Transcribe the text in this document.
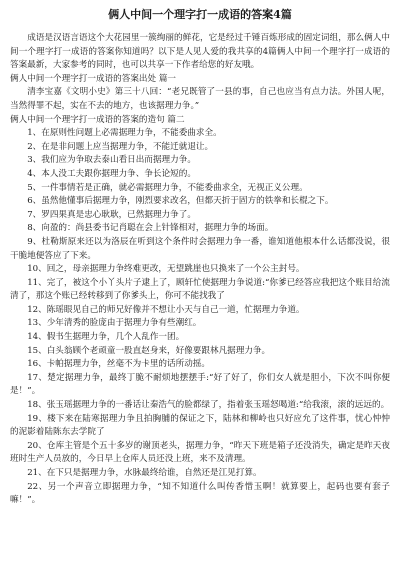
俩人中间一个理字打一成语的答案4篇

成语是汉语言语这个大花园里一簇绚丽的鲜花，它是经过千锤百炼形成的固定词组，那么俩人中间一个理字打一成语的答案你知道吗？以下是人见人爱的我共享的4篇俩人中间一个理字打一成语的答案最新，大家参考的同时，也可以共享一下作者给您的好友哦。

俩人中间一个理字打一成语的答案出处 篇一

清李宝嘉《文明小史》第三十八回：“老兄既管了一县的事，自己也应当有点力法。外国人呢，当然得罪不起，实在不去的地方，也该据理力争。”

俩人中间一个理字打一成语的答案的造句 篇二
1、在原则性问题上必需据理力争，不能委曲求全。
2、在是非问题上应当据理力争，不能迁就退让。
3、我们应为争取去泰山看日出而据理力争。
4、本人没工夫跟你据理力争、争长论短的。
5、一件事情若是正确，就必需据理力争，不能委曲求全，无视正义公理。
6、虽然他懂事后据理力争，刚烈要求改名，但都天折于固方的铁拳和长棍之下。
7、罗四果真是忠心耿耿，已然据理力争了。
8、向盈的：尚县委书记肖聪在会上针锋相对，据理力争的场面。
9、杜勒斯原来还以为洛辰在听到这个条件时会据理力争一番，谁知道他根本什么话都没说，很干脆地便答应了下来。
10、回之，母亲据理力争终难更改，无望跳崖也只换来了一个公主封号。
11、完了，被这个小丫头片子逮上了，顾轩忙使据理力争说道:“你爹已经答应我把这个账目给流清了，那这个账已经转移到了你爹头上，你可不能找我了
12、陈瑶眼见自己的师兄好像并不想让小天与自己一道，忙据理力争道。
13、少年清秀的脸庞由于据理力争有些潮红。
14、假书生据理力争，几个人乱作一团。
15、白头翁顾个老顽童一股直赵身来，好像要跟林凡据理力争。
16、卡帕据理力争，丝毫不为卡里的话所动摇。
17、楚定据理力争，最终丁脆不耐烦地摆摆手:“好了好了，你们女人就是胆小，下次不叫你便是！”。
18、张玉瑶据理力争的一番话让秦浩气的脸都绿了，指着张玉瑶怒喝道:“给我滚，滚的远远的。
19、楼下来在陆寒据理力争且拍胸脯的保证之下，陆林和柳岭也只好应允了这件事，忧心忡忡的泥影着陆陈东去学院了
20、仓库主管是个五十多岁的谢顶老头，据理力争，“昨天下班是箱子还没消失，确定是昨天夜班时生产人员放的，今日早上仓库人员还没上班，来不及清理。
21、在下只是据理力争，水脉最终给谁，自然还是江见打算。
22、另一个声音立即据理力争，“知不知道什么叫传香惜玉啊！就算要上，起码也要有套子嘛！”。
